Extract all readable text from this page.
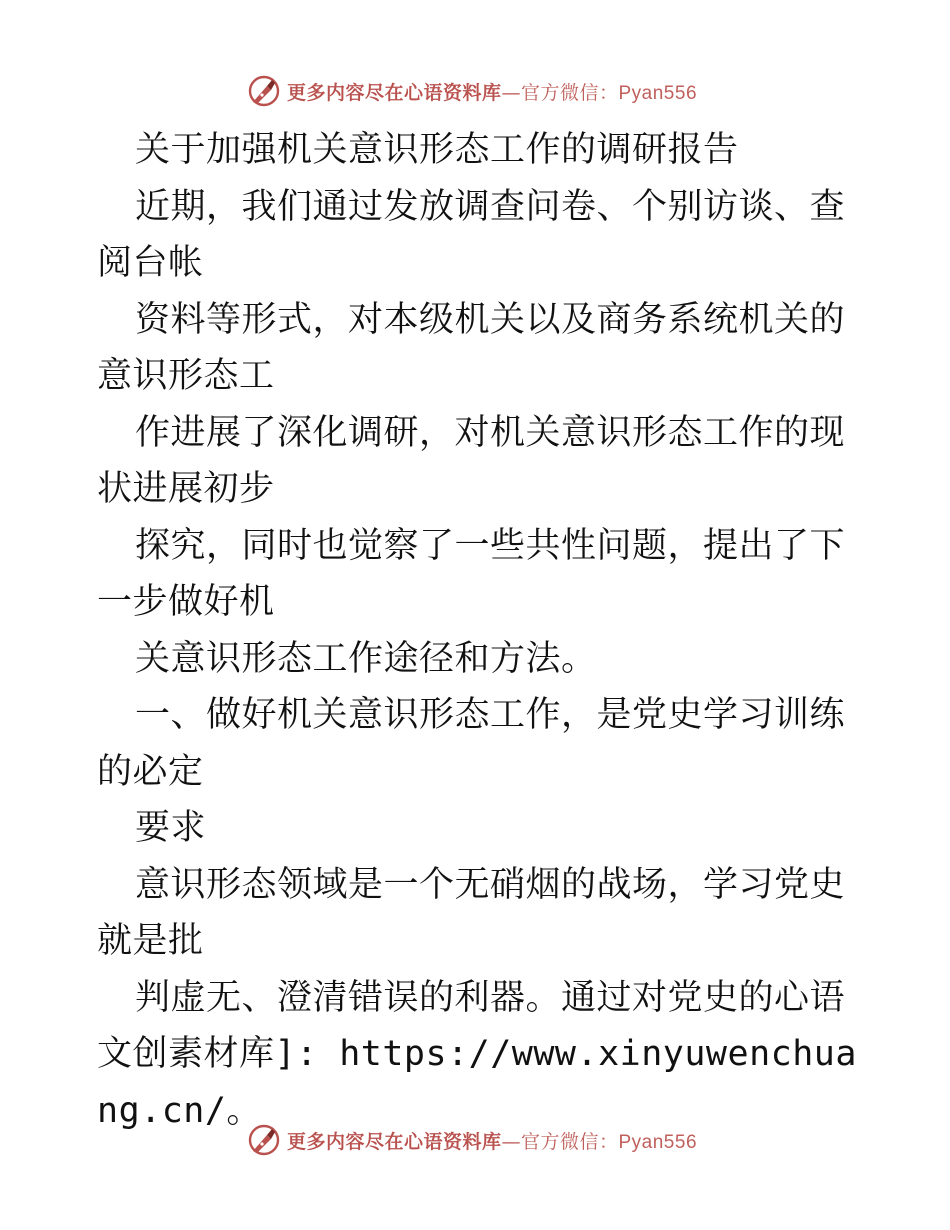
更多内容尽在心语资料库—官方微信：Pyan556

关于加强机关意识形态工作的调研报告

近期，我们通过发放调查问卷、个别访谈、查阅台帐

资料等形式，对本级机关以及商务系统机关的意识形态工

作进展了深化调研，对机关意识形态工作的现状进展初步

探究，同时也觉察了一些共性问题，提出了下一步做好机

关意识形态工作途径和方法。

一、做好机关意识形态工作，是党史学习训练的必定

要求

意识形态领域是一个无硝烟的战场，学习党史就是批

判虚无、澄清错误的利器。通过对党史的心语文创素材库]: https://www.xinyuwenchuang.cn/。

更多内容尽在心语资料库—官方微信：Pyan556
